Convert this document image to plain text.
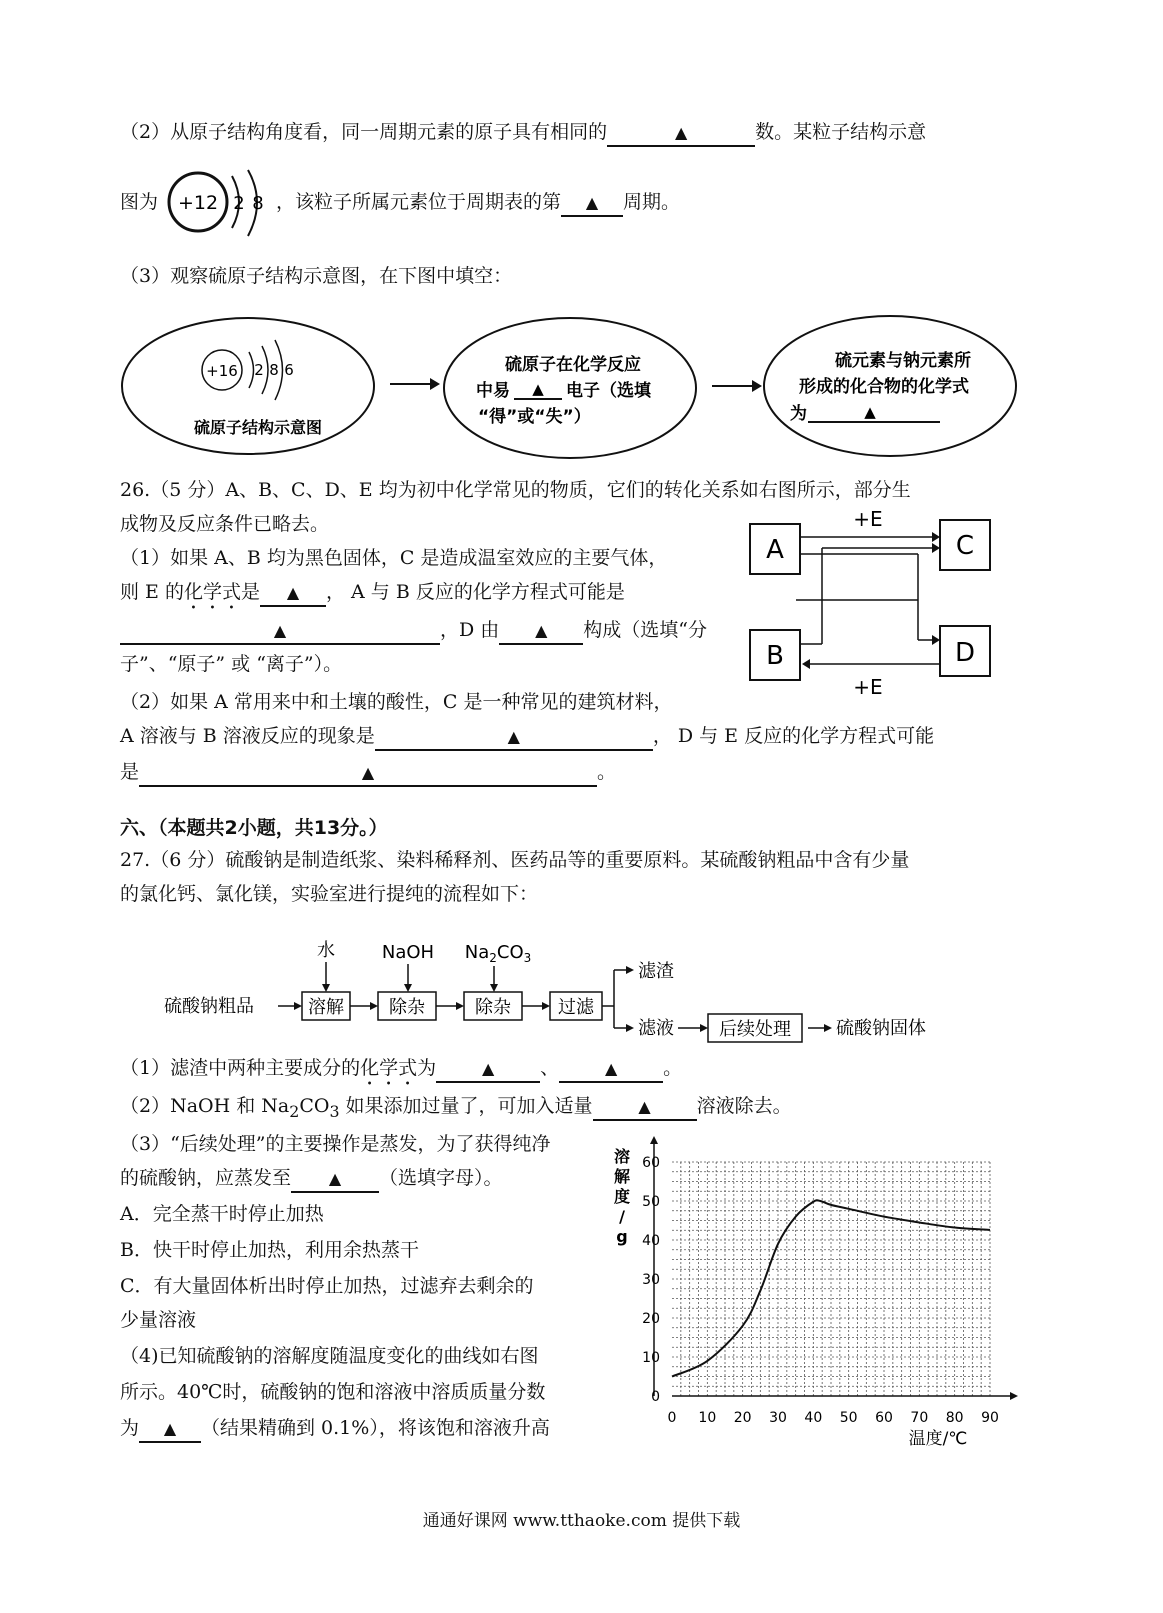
（2）从原子结构角度看，同一周期元素的原子具有相同的	▲	数。某粒子结构示意
图为 +12 2 8 ，该粒子所属元素位于周期表的第 ▲ 周期。
（3）观察硫原子结构示意图，在下图中填空：
+16 2 8 6
硫原子结构示意图
硫原子在化学反应
中易 ▲ 电子（选填
“得”或“失”）
硫元素与钠元素所
形成的化合物的化学式
为	▲
26.（5 分）A、B、C、D、E 均为初中化学常见的物质，它们的转化关系如右图所示，部分生
成物及反应条件已略去。
（1）如果 A、B 均为黑色固体，C 是造成温室效应的主要气体，
则 E 的化学式是 ▲ ， A 与 B 反应的化学方程式可能是
▲	，D 由 ▲ 构成（选填“分
子”、“原子” 或 “离子”）。
（2）如果 A 常用来中和土壤的酸性，C 是一种常见的建筑材料，
A 溶液与 B 溶液反应的现象是	▲	， D 与 E 反应的化学方程式可能
是	▲	。
A	C
B	D
+E
+E
六、（本题共2小题，共13分。）
27.（6 分）硫酸钠是制造纸浆、染料稀释剂、医药品等的重要原料。某硫酸钠粗品中含有少量
的氯化钙、氯化镁，实验室进行提纯的流程如下：
硫酸钠粗品
水
溶解
NaOH
除杂
$Na_2CO_3$
除杂	过滤
滤渣
滤液	后续处理	硫酸钠固体
（1）滤渣中两种主要成分的化学式为	▲ 、	▲ 。
（2）NaOH 和 $Na_2CO_3$ 如果添加过量了，可加入适量	▲ 溶液除去。
（3）“后续处理”的主要操作是蒸发，为了获得纯净
的硫酸钠，应蒸发至 ▲ （选填字母）。
A．完全蒸干时停止加热
B．快干时停止加热，利用余热蒸干
C．有大量固体析出时停止加热，过滤弃去剩余的
少量溶液
（4)已知硫酸钠的溶解度随温度变化的曲线如右图
所示。40℃时，硫酸钠的饱和溶液中溶质质量分数
为 ▲ （结果精确到 0.1%），将该饱和溶液升高	0 10 20 30 40 50 60 70 80 90
0
10
20
30
40
50
60
溶
解
度
/
g
温度/℃
通通好课网 www.tthaoke.com 提供下载
